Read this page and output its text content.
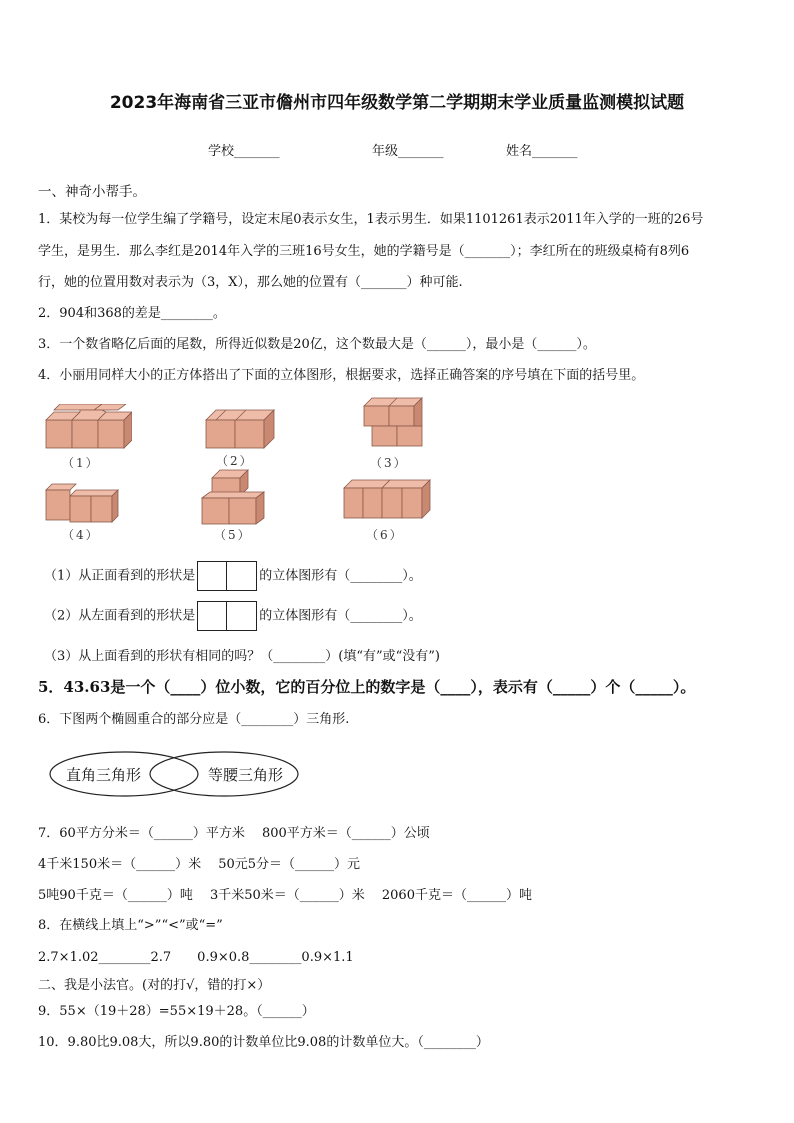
2023年海南省三亚市儋州市四年级数学第二学期期末学业质量监测模拟试题
学校_______	年级_______	姓名_______
一、神奇小帮手。
1．某校为每一位学生编了学籍号，设定末尾0表示女生，1表示男生．如果1101261表示2011年入学的一班的26号
学生，是男生．那么李红是2014年入学的三班16号女生，她的学籍号是（_______）；李红所在的班级桌椅有8列6
行，她的位置用数对表示为（3，X），那么她的位置有（_______）种可能.
2．904和368的差是________。
3．一个数省略亿后面的尾数，所得近似数是20亿，这个数最大是（______），最小是（______）。
4．小丽用同样大小的正方体搭出了下面的立体图形，根据要求，选择正确答案的序号填在下面的括号里。
（1）	（2）	（3）
（4）	（5）	（6）
（1）从正面看到的形状是	的立体图形有（________）。
（2）从左面看到的形状是	的立体图形有（________）。
（3）从上面看到的形状有相同的吗？（________）(填“有”或“没有”)
5．43.63是一个（____）位小数，它的百分位上的数字是（____），表示有（_____）个（_____）。
6．下图两个椭圆重合的部分应是（________）三角形.
直角三角形	等腰三角形
7．60平方分米＝（______）平方米　 800平方米＝（______）公顷
4千米150米＝（______）米　 50元5分＝（______）元
5吨90千克＝（______）吨　 3千米50米＝（______）米　 2060千克＝（______）吨
8．在横线上填上“>”“<”或“=”
2.7×1.02________2.7　　0.9×0.8________0.9×1.1
二、我是小法官。(对的打√，错的打×）
9．55×（19＋28）=55×19＋28。（______）
10．9.80比9.08大，所以9.80的计数单位比9.08的计数单位大。（________）
